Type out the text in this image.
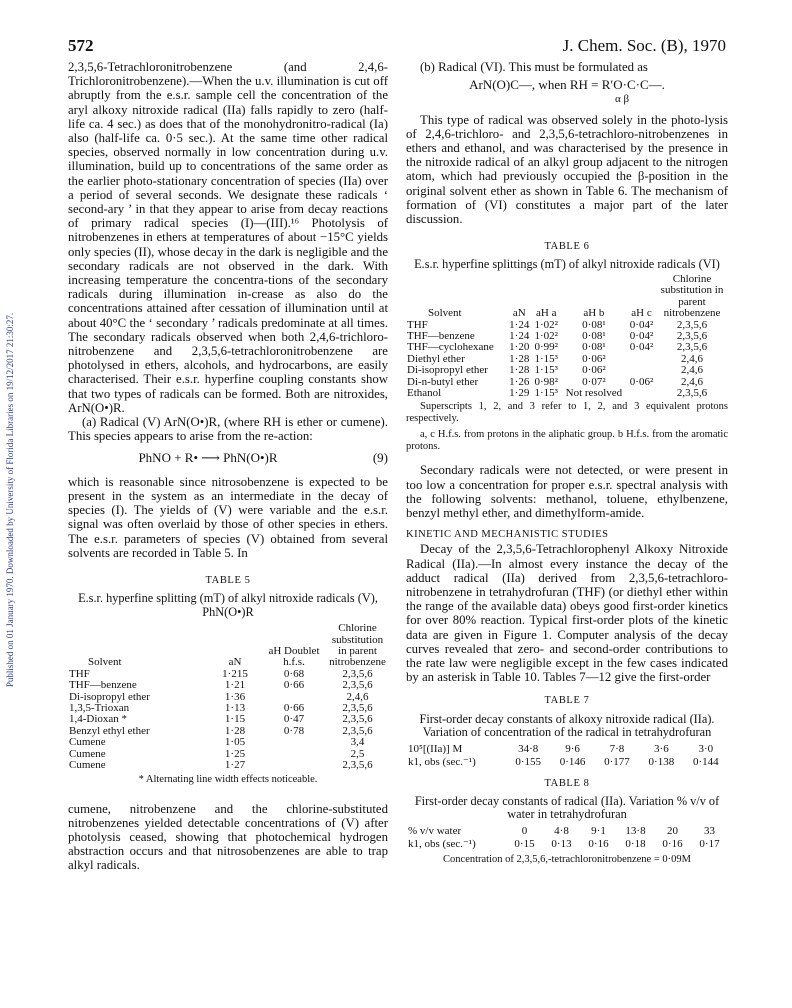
572	J. Chem. Soc. (B), 1970
Published on 01 January 1970. Downloaded by University of Florida Libraries on 19/12/2017 21:30:27.

2,3,5,6-Tetrachloronitrobenzene (and 2,4,6-Trichloronitrobenzene).—When the u.v. illumination is cut off abruptly from the e.s.r. sample cell the concentration of the aryl alkoxy nitroxide radical (IIa) falls rapidly to zero (half-life ca. 4 sec.) as does that of the monohydronitro-radical (Ia) also (half-life ca. 0·5 sec.). At the same time other radical species, observed normally in low concentration during u.v. illumination, build up to concentrations of the same order as the earlier photo-stationary concentration of species (IIa) over a period of several seconds. We designate these radicals ‘ second-ary ’ in that they appear to arise from decay reactions of primary radical species (I)—(III).¹⁶ Photolysis of nitrobenzenes in ethers at temperatures of about −15°C yields only species (II), whose decay in the dark is negligible and the secondary radicals are not observed in the dark. With increasing temperature the concentra-tions of the secondary radicals during illumination in-crease as also do the concentrations attained after cessation of illumination until at about 40°C the ‘ secondary ’ radicals predominate at all times. The secondary radicals observed when both 2,4,6-trichloro-nitrobenzene and 2,3,5,6-tetrachloronitrobenzene are photolysed in ethers, alcohols, and hydrocarbons, are easily characterised. Their e.s.r. hyperfine coupling constants show that two types of radicals can be formed. Both are nitroxides, ArN(O•)R.

(a) Radical (V) ArN(O•)R, (where RH is ether or cumene). This species appears to arise from the re-action:

PhNO + R• ⟶ PhN(O•)R	(9)

which is reasonable since nitrosobenzene is expected to be present in the system as an intermediate in the decay of species (I). The yields of (V) were variable and the e.s.r. signal was often overlaid by those of other species in ethers. The e.s.r. parameters of species (V) obtained from several solvents are recorded in Table 5. In

TABLE 5
E.s.r. hyperfine splitting (mT) of alkyl nitroxide radicals (V), PhN(O•)R
Solvent	aN	aH Doublet h.f.s.	Chlorine substitution in parent nitrobenzene
THF	1·215	0·68	2,3,5,6
THF—benzene	1·21	0·66	2,3,5,6
Di-isopropyl ether	1·36		2,4,6
1,3,5-Trioxan	1·13	0·66	2,3,5,6
1,4-Dioxan *	1·15	0·47	2,3,5,6
Benzyl ethyl ether	1·28	0·78	2,3,5,6
Cumene	1·05		3,4
Cumene	1·25		2,5
Cumene	1·27		2,3,5,6
* Alternating line width effects noticeable.

cumene, nitrobenzene and the chlorine-substituted nitrobenzenes yielded detectable concentrations of (V) after photolysis ceased, showing that photochemical hydrogen abstraction occurs and that nitrosobenzenes are able to trap alkyl radicals.

(b) Radical (VI). This must be formulated as

ArN(O)C—, when RH = R′O·C·C—.
α β

This type of radical was observed solely in the photo-lysis of 2,4,6-trichloro- and 2,3,5,6-tetrachloro-nitrobenzenes in ethers and ethanol, and was characterised by the presence in the nitroxide radical of an alkyl group adjacent to the nitrogen atom, which had previously occupied the β-position in the original solvent ether as shown in Table 6. The mechanism of formation of (VI) constitutes a major part of the later discussion.

TABLE 6
E.s.r. hyperfine splittings (mT) of alkyl nitroxide radicals (VI)
Solvent	aN	aH a	aH b	aH c	Chlorine substitution in parent nitrobenzene
THF	1·24	1·02²	0·08¹	0·04²	2,3,5,6
THF—benzene	1·24	1·02²	0·08¹	0·04²	2,3,5,6
THF—cyclohexane	1·20	0·99²	0·08¹	0·04²	2,3,5,6
Diethyl ether	1·28	1·15³	0·06²		2,4,6
Di-isopropyl ether	1·28	1·15³	0·06²		2,4,6
Di-n-butyl ether	1·26	0·98²	0·07²	0·06²	2,4,6
Ethanol	1·29	1·15³	Not resolved		2,3,5,6

Superscripts 1, 2, and 3 refer to 1, 2, and 3 equivalent protons respectively.

a, c H.f.s. from protons in the aliphatic group. b H.f.s. from the aromatic protons.

Secondary radicals were not detected, or were present in too low a concentration for proper e.s.r. spectral analysis with the following solvents: methanol, toluene, ethylbenzene, benzyl methyl ether, and dimethylform-amide.

KINETIC AND MECHANISTIC STUDIES

Decay of the 2,3,5,6-Tetrachlorophenyl Alkoxy Nitroxide Radical (IIa).—In almost every instance the decay of the adduct radical (IIa) derived from 2,3,5,6-tetrachloro-nitrobenzene in tetrahydrofuran (THF) (or diethyl ether within the range of the available data) obeys good first-order kinetics for over 80% reaction. Typical first-order plots of the kinetic data are given in Figure 1. Computer analysis of the decay curves revealed that zero- and second-order contributions to the rate law were negligible except in the few cases indicated by an asterisk in Table 10. Tables 7—12 give the first-order

TABLE 7
First-order decay constants of alkoxy nitroxide radical (IIa). Variation of concentration of the radical in tetrahydrofuran
10⁵[(IIa)] M	34·8	9·6	7·8	3·6	3·0
k1, obs (sec.⁻¹)	0·155	0·146	0·177	0·138	0·144
TABLE 8
First-order decay constants of radical (IIa). Variation % v/v of water in tetrahydrofuran
% v/v water	0	4·8	9·1	13·8	20	33
k1, obs (sec.⁻¹)	0·15	0·13	0·16	0·18	0·16	0·17
Concentration of 2,3,5,6,-tetrachloronitrobenzene = 0·09M
